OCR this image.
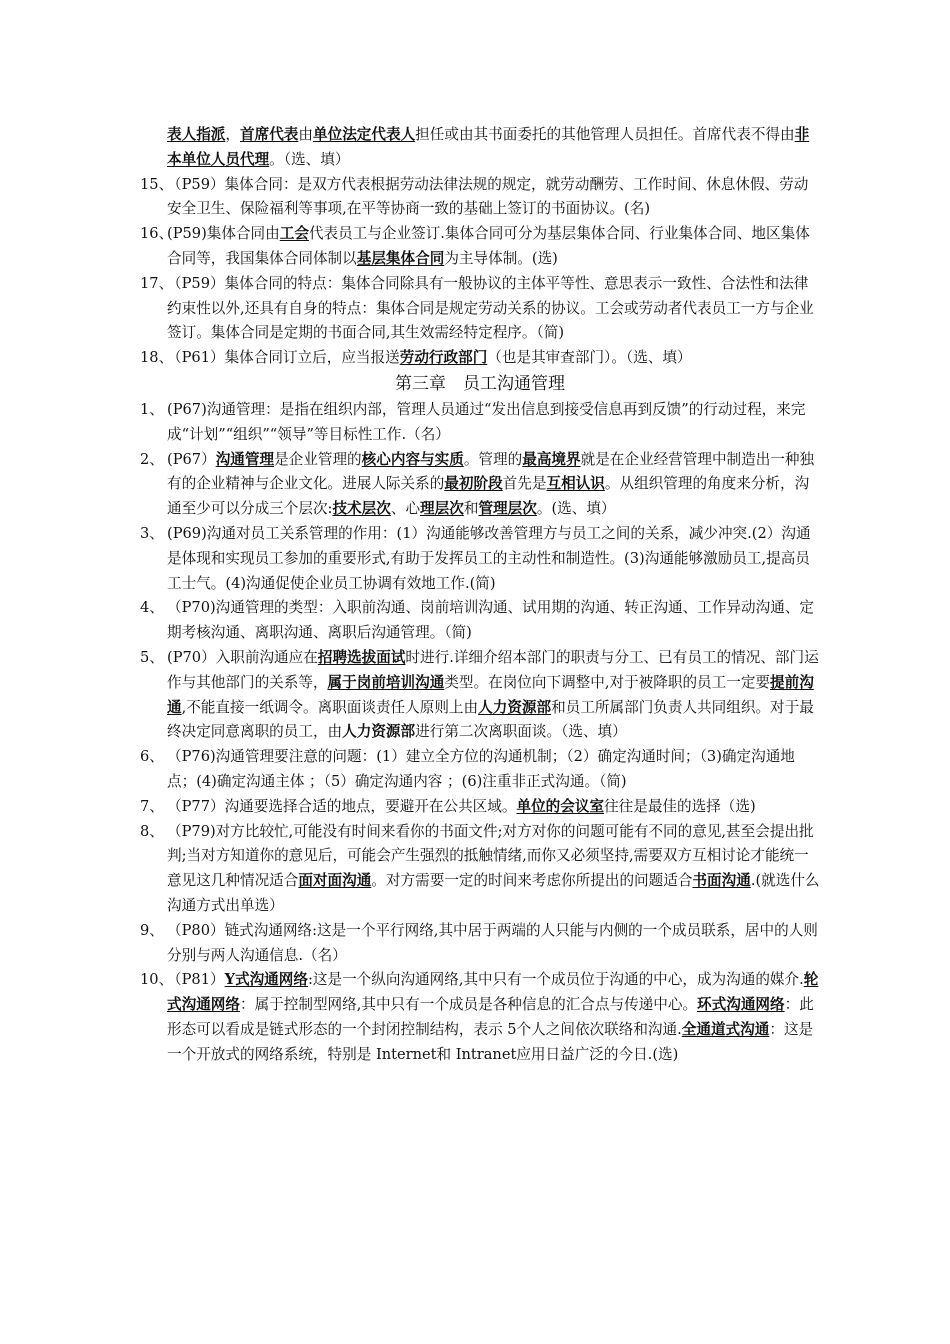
表人指派，首席代表由单位法定代表人担任或由其书面委托的其他管理人员担任。首席代表不得由非本单位人员代理。（选、填）
15、
（P59）集体合同：是双方代表根据劳动法律法规的规定，就劳动酬劳、工作时间、休息休假、劳动安全卫生、保险福利等事项,在平等协商一致的基础上签订的书面协议。(名)
16、
(P59)集体合同由工会代表员工与企业签订.集体合同可分为基层集体合同、行业集体合同、地区集体合同等，我国集体合同体制以基层集体合同为主导体制。(选)
17、
（P59）集体合同的特点：集体合同除具有一般协议的主体平等性、意思表示一致性、合法性和法律约束性以外,还具有自身的特点：集体合同是规定劳动关系的协议。工会或劳动者代表员工一方与企业签订。集体合同是定期的书面合同,其生效需经特定程序。（简)
18、
（P61）集体合同订立后，应当报送劳动行政部门（也是其审查部门）。（选、填）
第三章　员工沟通管理
1、 (P67)沟通管理：是指在组织内部，管理人员通过“发出信息到接受信息再到反馈”的行动过程，来完成“计划”“组织”“领导”等目标性工作.（名）
2、 (P67）沟通管理是企业管理的核心内容与实质。管理的最高境界就是在企业经营管理中制造出一种独有的企业精神与企业文化。进展人际关系的最初阶段首先是互相认识。从组织管理的角度来分析，沟通至少可以分成三个层次:技术层次、心理层次和管理层次。(选、填）
3、 (P69)沟通对员工关系管理的作用：(1）沟通能够改善管理方与员工之间的关系，减少冲突.(2）沟通是体现和实现员工参加的重要形式,有助于发挥员工的主动性和制造性。(3)沟通能够激励员工,提高员工士气。(4)沟通促使企业员工协调有效地工作.(简)
4、 （P70)沟通管理的类型：入职前沟通、岗前培训沟通、试用期的沟通、转正沟通、工作异动沟通、定期考核沟通、离职沟通、离职后沟通管理。（简)
5、 (P70）入职前沟通应在招聘选拔面试时进行.详细介绍本部门的职责与分工、已有员工的情况、部门运作与其他部门的关系等，属于岗前培训沟通类型。在岗位向下调整中,对于被降职的员工一定要提前沟通,不能直接一纸调令。离职面谈责任人原则上由人力资源部和员工所属部门负责人共同组织。对于最终决定同意离职的员工，由人力资源部进行第二次离职面谈。（选、填）
6、 （P76)沟通管理要注意的问题：(1）建立全方位的沟通机制；（2）确定沟通时间；（3)确定沟通地点；(4)确定沟通主体 ；（5）确定沟通内容 ；(6)注重非正式沟通。（简)
7、 （P77）沟通要选择合适的地点，要避开在公共区域。单位的会议室往往是最佳的选择（选)
8、 （P79)对方比较忙,可能没有时间来看你的书面文件;对方对你的问题可能有不同的意见,甚至会提出批判;当对方知道你的意见后，可能会产生强烈的抵触情绪,而你又必须坚持,需要双方互相讨论才能统一意见这几种情况适合面对面沟通。对方需要一定的时间来考虑你所提出的问题适合书面沟通.(就选什么沟通方式出单选）
9、 （P80）链式沟通网络:这是一个平行网络,其中居于两端的人只能与内侧的一个成员联系，居中的人则分别与两人沟通信息.（名）
10、
（P81）Y式沟通网络:这是一个纵向沟通网络,其中只有一个成员位于沟通的中心，成为沟通的媒介.轮式沟通网络：属于控制型网络,其中只有一个成员是各种信息的汇合点与传递中心。环式沟通网络：此形态可以看成是链式形态的一个封闭控制结构，表示 5个人之间依次联络和沟通.全通道式沟通：这是一个开放式的网络系统，特别是 Internet和 Intranet应用日益广泛的今日.(选)
